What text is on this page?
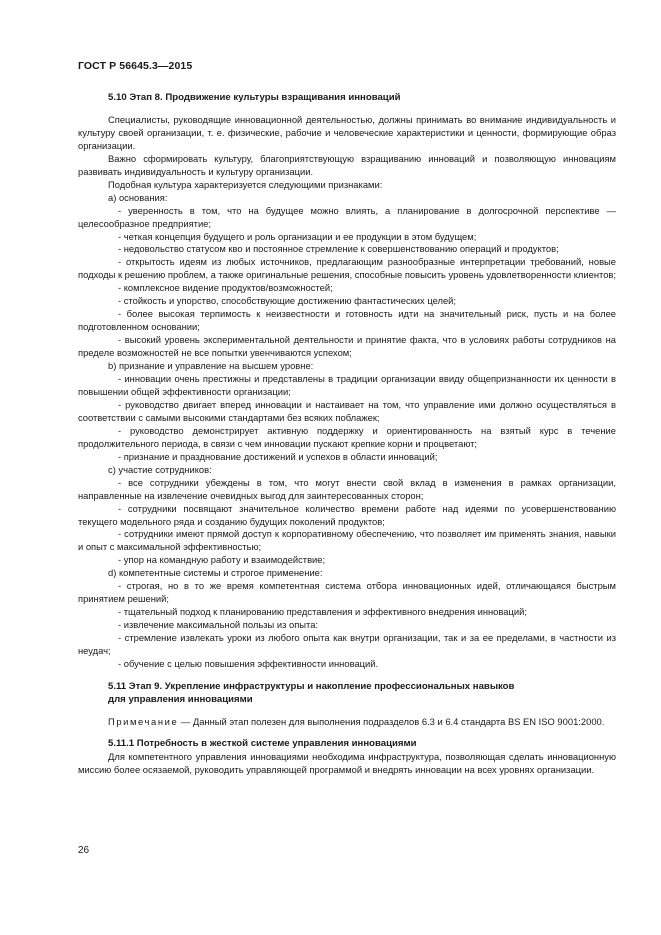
ГОСТ Р 56645.3—2015
5.10 Этап 8. Продвижение культуры взращивания инноваций

Специалисты, руководящие инновационной деятельностью, должны принимать во внимание индивидуальность и культуру своей организации, т. е. физические, рабочие и человеческие характеристики и ценности, формирующие образ организации.

Важно сформировать культуру, благоприятствующую взращиванию инноваций и позволяющую инновациям развивать индивидуальность и культуру организации.

Подобная культура характеризуется следующими признаками:

а) основания:

- уверенность в том, что на будущее можно влиять, а планирование в долгосрочной перспективе — целесообразное предприятие;

- четкая концепция будущего и роль организации и ее продукции в этом будущем;

- недовольство статусом кво и постоянное стремление к совершенствованию операций и продуктов;

- открытость идеям из любых источников, предлагающим разнообразные интерпретации требований, новые подходы к решению проблем, а также оригинальные решения, способные повысить уровень удовлетворенности клиентов;

- комплексное видение продуктов/возможностей;

- стойкость и упорство, способствующие достижению фантастических целей;

- более высокая терпимость к неизвестности и готовность идти на значительный риск, пусть и на более подготовленном основании;

- высокий уровень экспериментальной деятельности и принятие факта, что в условиях работы сотрудников на пределе возможностей не все попытки увенчиваются успехом;

b) признание и управление на высшем уровне:

- инновации очень престижны и представлены в традиции организации ввиду общепризнанности их ценности в повышении общей эффективности организации;

- руководство двигает вперед инновации и настаивает на том, что управление ими должно осуществляться в соответствии с самыми высокими стандартами без всяких поблажек;

- руководство демонстрирует активную поддержку и ориентированность на взятый курс в течение продолжительного периода, в связи с чем инновации пускают крепкие корни и процветают;

- признание и празднование достижений и успехов в области инноваций;

c) участие сотрудников:

- все сотрудники убеждены в том, что могут внести свой вклад в изменения в рамках организации, направленные на извлечение очевидных выгод для заинтересованных сторон;

- сотрудники посвящают значительное количество времени работе над идеями по усовершенствованию текущего модельного ряда и созданию будущих поколений продуктов;

- сотрудники имеют прямой доступ к корпоративному обеспечению, что позволяет им применять знания, навыки и опыт с максимальной эффективностью;

- упор на командную работу и взаимодействие;

d) компетентные системы и строгое применение:

- строгая, но в то же время компетентная система отбора инновационных идей, отличающаяся быстрым принятием решений;

- тщательный подход к планированию представления и эффективного внедрения инноваций;

- извлечение максимальной пользы из опыта:

- стремление извлекать уроки из любого опыта как внутри организации, так и за ее пределами, в частности из неудач;

- обучение с целью повышения эффективности инноваций.

5.11 Этап 9. Укрепление инфраструктуры и накопление профессиональных навыков
для управления инновациями

Примечание — Данный этап полезен для выполнения подразделов 6.3 и 6.4 стандарта BS EN ISO 9001:2000.

5.11.1 Потребность в жесткой системе управления инновациями

Для компетентного управления инновациями необходима инфраструктура, позволяющая сделать инновационную миссию более осязаемой, руководить управляющей программой и внедрять инновации на всех уровнях организации.

26
